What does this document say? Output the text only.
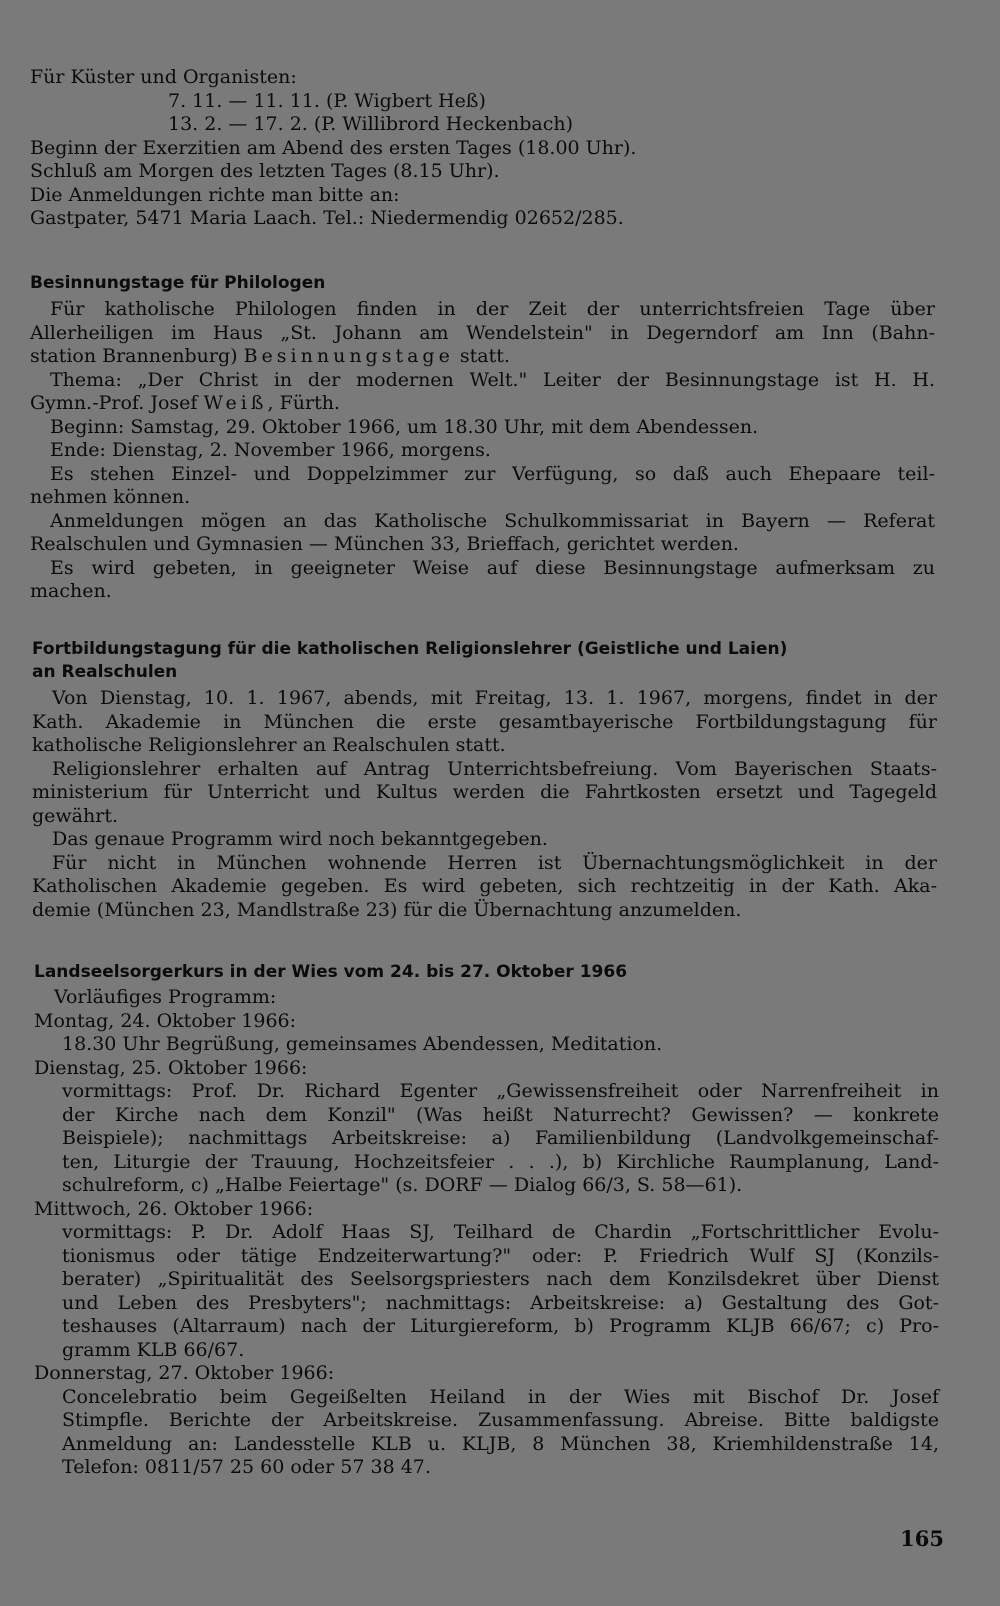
Für Küster und Organisten:
7. 11. — 11. 11. (P. Wigbert Heß)
13. 2. — 17. 2. (P. Willibrord Heckenbach)
Beginn der Exerzitien am Abend des ersten Tages (18.00 Uhr).
Schluß am Morgen des letzten Tages (8.15 Uhr).
Die Anmeldungen richte man bitte an:
Gastpater, 5471 Maria Laach. Tel.: Niedermendig 02652/285.
Besinnungstage für Philologen
Für katholische Philologen finden in der Zeit der unterrichtsfreien Tage über
Allerheiligen im Haus „St. Johann am Wendelstein" in Degerndorf am Inn (Bahn-
station Brannenburg) Besinnungstage statt.
Thema: „Der Christ in der modernen Welt." Leiter der Besinnungstage ist H. H.
Gymn.-Prof. Josef Weiß, Fürth.
Beginn: Samstag, 29. Oktober 1966, um 18.30 Uhr, mit dem Abendessen.
Ende: Dienstag, 2. November 1966, morgens.
Es stehen Einzel- und Doppelzimmer zur Verfügung, so daß auch Ehepaare teil-
nehmen können.
Anmeldungen mögen an das Katholische Schulkommissariat in Bayern — Referat
Realschulen und Gymnasien — München 33, Brieffach, gerichtet werden.
Es wird gebeten, in geeigneter Weise auf diese Besinnungstage aufmerksam zu
machen.
Fortbildungstagung für die katholischen Religionslehrer (Geistliche und Laien)
an Realschulen
Von Dienstag, 10. 1. 1967, abends, mit Freitag, 13. 1. 1967, morgens, findet in der
Kath. Akademie in München die erste gesamtbayerische Fortbildungstagung für
katholische Religionslehrer an Realschulen statt.
Religionslehrer erhalten auf Antrag Unterrichtsbefreiung. Vom Bayerischen Staats-
ministerium für Unterricht und Kultus werden die Fahrtkosten ersetzt und Tagegeld
gewährt.
Das genaue Programm wird noch bekanntgegeben.
Für nicht in München wohnende Herren ist Übernachtungsmöglichkeit in der
Katholischen Akademie gegeben. Es wird gebeten, sich rechtzeitig in der Kath. Aka-
demie (München 23, Mandlstraße 23) für die Übernachtung anzumelden.
Landseelsorgerkurs in der Wies vom 24. bis 27. Oktober 1966
Vorläufiges Programm:
Montag, 24. Oktober 1966:
18.30 Uhr Begrüßung, gemeinsames Abendessen, Meditation.
Dienstag, 25. Oktober 1966:
vormittags: Prof. Dr. Richard Egenter „Gewissensfreiheit oder Narrenfreiheit in
der Kirche nach dem Konzil" (Was heißt Naturrecht? Gewissen? — konkrete
Beispiele); nachmittags Arbeitskreise: a) Familienbildung (Landvolkgemeinschaf-
ten, Liturgie der Trauung, Hochzeitsfeier . . .), b) Kirchliche Raumplanung, Land-
schulreform, c) „Halbe Feiertage" (s. DORF — Dialog 66/3, S. 58—61).
Mittwoch, 26. Oktober 1966:
vormittags: P. Dr. Adolf Haas SJ, Teilhard de Chardin „Fortschrittlicher Evolu-
tionismus oder tätige Endzeiterwartung?" oder: P. Friedrich Wulf SJ (Konzils-
berater) „Spiritualität des Seelsorgspriesters nach dem Konzilsdekret über Dienst
und Leben des Presbyters"; nachmittags: Arbeitskreise: a) Gestaltung des Got-
teshauses (Altarraum) nach der Liturgiereform, b) Programm KLJB 66/67; c) Pro-
gramm KLB 66/67.
Donnerstag, 27. Oktober 1966:
Concelebratio beim Gegeißelten Heiland in der Wies mit Bischof Dr. Josef
Stimpfle. Berichte der Arbeitskreise. Zusammenfassung. Abreise. Bitte baldigste
Anmeldung an: Landesstelle KLB u. KLJB, 8 München 38, Kriemhildenstraße 14,
Telefon: 0811/57 25 60 oder 57 38 47.
165
